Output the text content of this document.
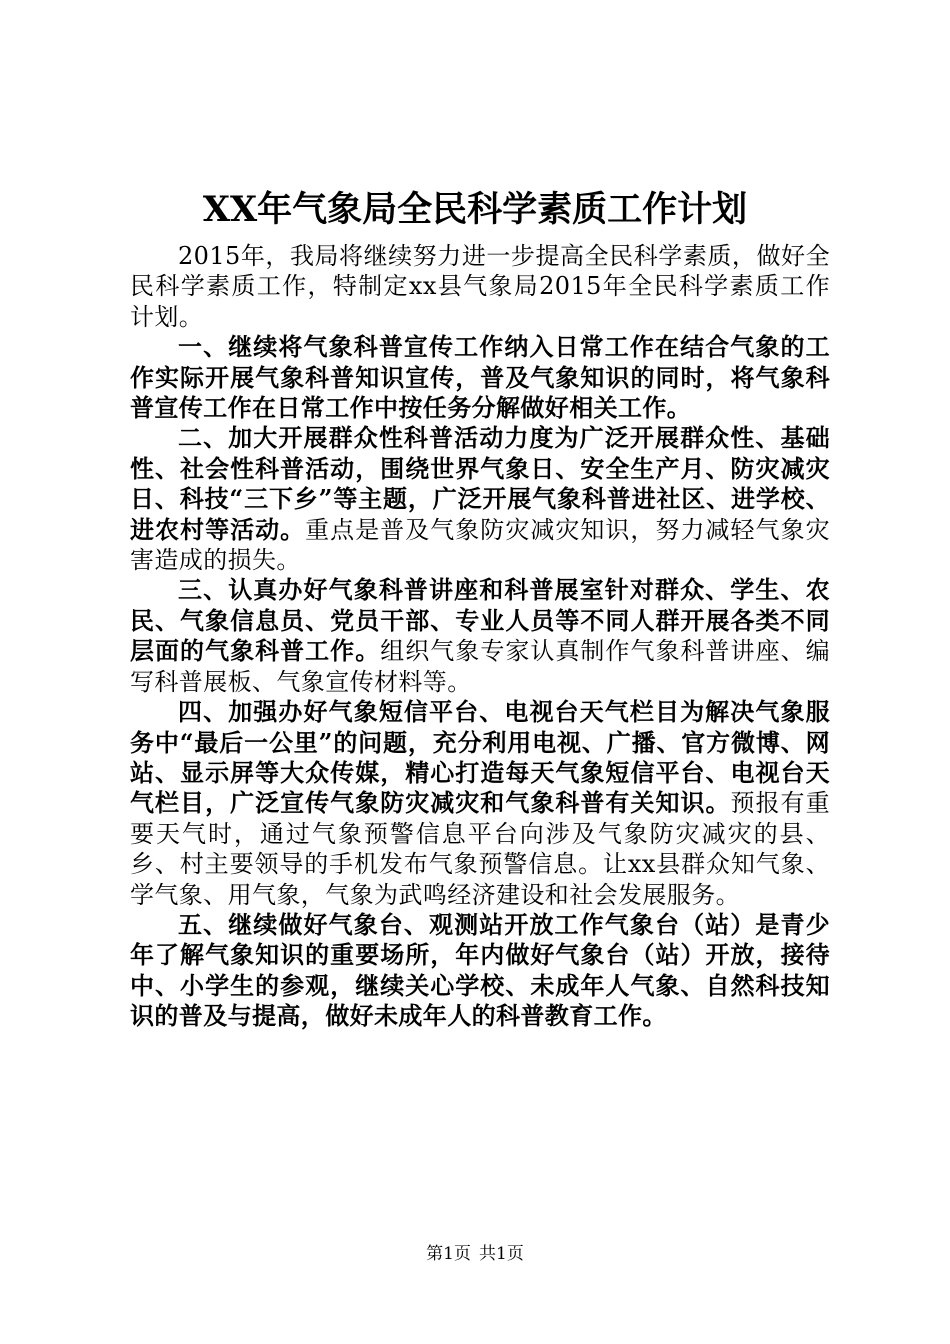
XX年气象局全民科学素质工作计划

2015年，我局将继续努力进一步提高全民科学素质，做好全民科学素质工作，特制定xx县气象局2015年全民科学素质工作计划。

一、继续将气象科普宣传工作纳入日常工作在结合气象的工作实际开展气象科普知识宣传，普及气象知识的同时，将气象科普宣传工作在日常工作中按任务分解做好相关工作。

二、加大开展群众性科普活动力度为广泛开展群众性、基础性、社会性科普活动，围绕世界气象日、安全生产月、防灾减灾日、科技“三下乡”等主题，广泛开展气象科普进社区、进学校、进农村等活动。重点是普及气象防灾减灾知识，努力减轻气象灾害造成的损失。

三、认真办好气象科普讲座和科普展室针对群众、学生、农民、气象信息员、党员干部、专业人员等不同人群开展各类不同层面的气象科普工作。组织气象专家认真制作气象科普讲座、编写科普展板、气象宣传材料等。

四、加强办好气象短信平台、电视台天气栏目为解决气象服务中“最后一公里”的问题，充分利用电视、广播、官方微博、网站、显示屏等大众传媒，精心打造每天气象短信平台、电视台天气栏目，广泛宣传气象防灾减灾和气象科普有关知识。预报有重要天气时，通过气象预警信息平台向涉及气象防灾减灾的县、乡、村主要领导的手机发布气象预警信息。让xx县群众知气象、学气象、用气象，气象为武鸣经济建设和社会发展服务。

五、继续做好气象台、观测站开放工作气象台（站）是青少年了解气象知识的重要场所，年内做好气象台（站）开放，接待中、小学生的参观，继续关心学校、未成年人气象、自然科技知识的普及与提高，做好未成年人的科普教育工作。

第1页 共1页
